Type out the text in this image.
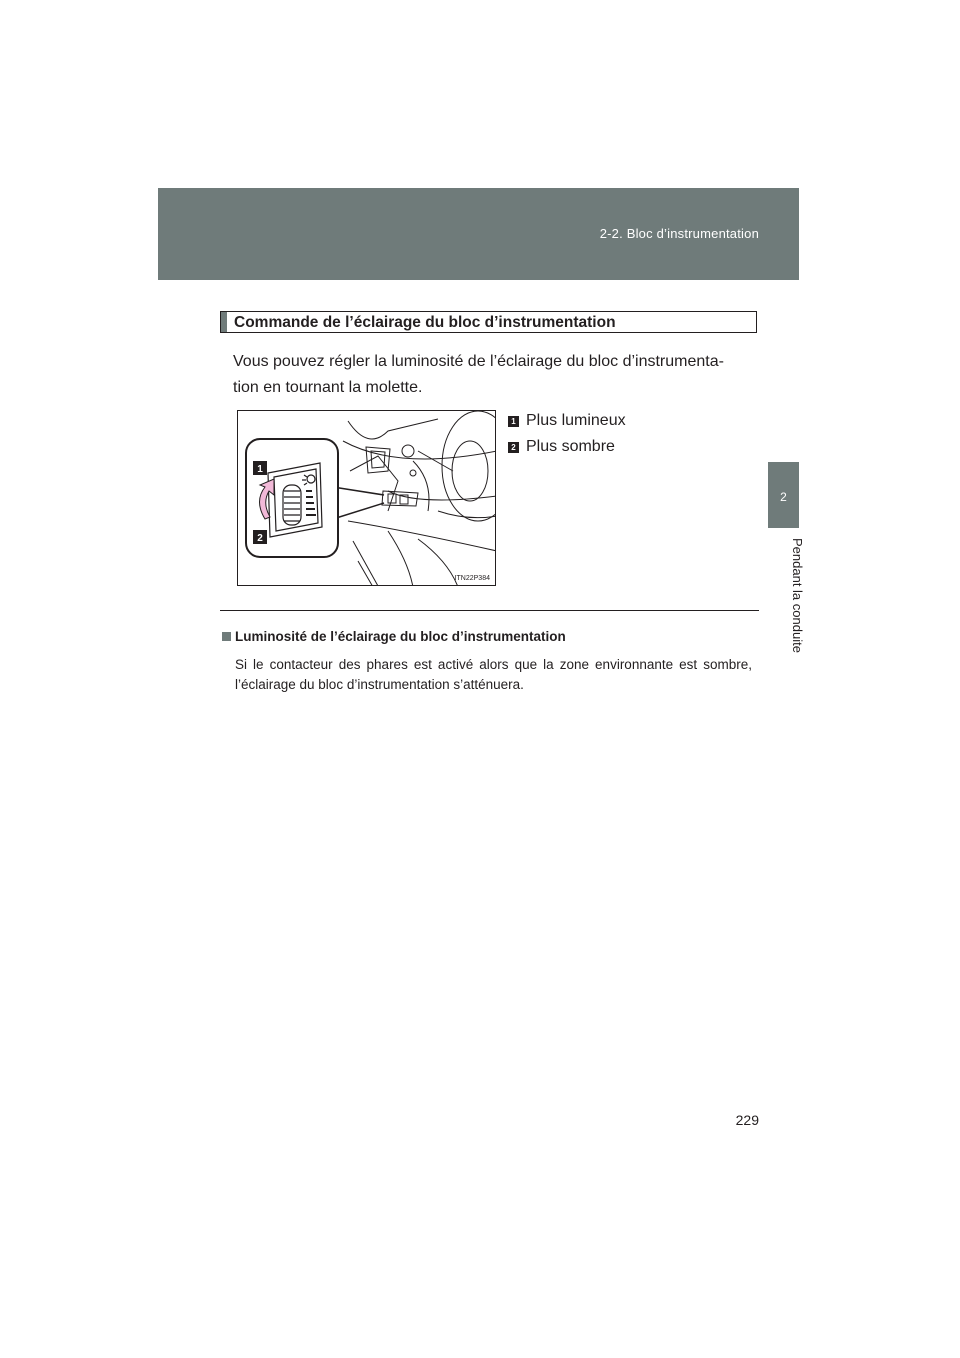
2-2. Bloc d’instrumentation
2
Pendant la conduite
Commande de l’éclairage du bloc d’instrumentation

Vous pouvez régler la luminosité de l’éclairage du bloc d’instrumenta-

tion en tournant la molette.

1
2
ITN22P384
1 Plus lumineux
2 Plus sombre
Luminosité de l’éclairage du bloc d’instrumentation
Si le contacteur des phares est activé alors que la zone environnante est sombre, l’éclairage du bloc d’instrumentation s’atténuera.
229
